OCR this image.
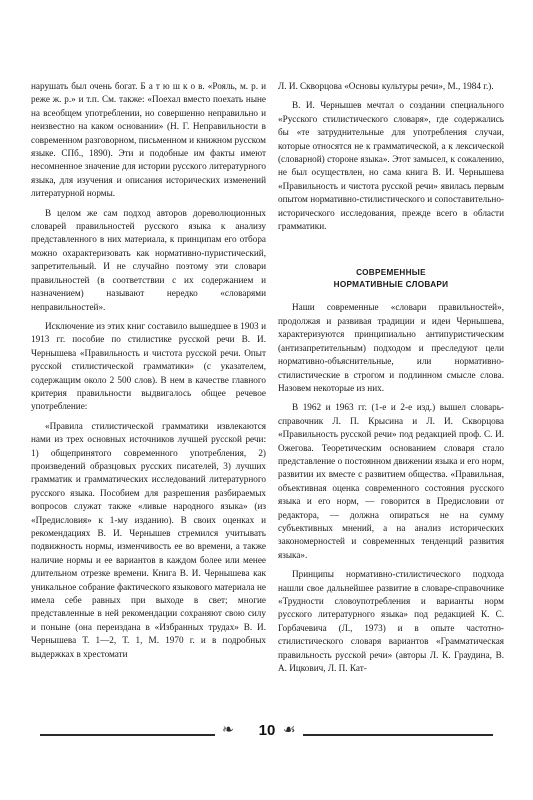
нарушать был очень богат. Б а т ю ш к о в. «Рояль, м. р. и реже ж. р.» и т.п. См. также: «Поехал вместо поехать ныне на всеобщем употреблении, но совершенно неправильно и неизвестно на каком основании» (Н. Г. Неправильности в современном разговорном, письменном и книжном русском языке. СПб., 1890). Эти и подобные им факты имеют несомненное значение для истории русского литературного языка, для изучения и описания исторических изменений литературной нормы.

В целом же сам подход авторов дореволюционных словарей правильностей русского языка к анализу представленного в них материала, к принципам его отбора можно охарактеризовать как нормативно-пуристический, запретительный. И не случайно поэтому эти словари правильностей (в соответствии с их содержанием и назначением) называют нередко «словарями неправильностей».

Исключение из этих книг составило вышедшее в 1903 и 1913 гг. пособие по стилистике русской речи В. И. Чернышева «Правильность и чистота русской речи. Опыт русской стилистической грамматики» (с указателем, содержащим около 2 500 слов). В нем в качестве главного критерия правильности выдвигалось общее речевое употребление:

«Правила стилистической грамматики извлекаются нами из трех основных источников лучшей русской речи: 1) общепринятого современного употребления, 2) произведений образцовых русских писателей, 3) лучших грамматик и грамматических исследований литературного русского языка. Пособием для разрешения разбираемых вопросов служат также «ливые народного языка» (из «Предисловия» к 1-му изданию). В своих оценках и рекомендациях В. И. Чернышев стремился учитывать подвижность нормы, изменчивость ее во времени, а также наличие нормы и ее вариантов в каждом более или менее длительном отрезке времени. Книга В. И. Чернышева как уникальное собрание фактического языкового материала не имела себе равных при выходе в свет; многие представленные в ней рекомендации сохраняют свою силу и поныне (она переиздана в «Избранных трудах» В. И. Чернышева Т. 1—2, Т. 1, М. 1970 г. и в подробных выдержках в хрестомати

Л. И. Скворцова «Основы культуры речи», М., 1984 г.).

В. И. Чернышев мечтал о создании специального «Русского стилистического словаря», где содержались бы «те затруднительные для употребления случаи, которые относятся не к грамматической, а к лексической (словарной) стороне языка». Этот замысел, к сожалению, не был осуществлен, но сама книга В. И. Чернышева «Правильность и чистота русской речи» явилась первым опытом нормативно-стилистического и сопоставительно-исторического исследования, прежде всего в области грамматики.

СОВРЕМЕННЫЕ
НОРМАТИВНЫЕ СЛОВАРИ

Наши современные «словари правильностей», продолжая и развивая традиции и идеи Чернышева, характеризуются принципиально антипуристическим (антизапретительным) подходом и преследуют цели нормативно-объяснительные, или нормативно-стилистические в строгом и подлинном смысле слова. Назовем некоторые из них.

В 1962 и 1963 гг. (1-е и 2-е изд.) вышел словарь-справочник Л. П. Крысина и Л. И. Скворцова «Правильность русской речи» под редакцией проф. С. И. Ожегова. Теоретическим основанием словаря стало представление о постоянном движении языка и его норм, развитии их вместе с развитием общества. «Правильная, объективная оценка современного состояния русского языка и его норм, — говорится в Предисловии от редактора, — должна опираться не на сумму субъективных мнений, а на анализ исторических закономерностей и современных тенденций развития языка».

Принципы нормативно-стилистического подхода нашли свое дальнейшее развитие в словаре-справочнике «Трудности словоупотребления и варианты норм русского литературного языка» под редакцией К. С. Горбачевича (Л., 1973) и в опыте частотно-стилистического словаря вариантов «Грамматическая правильность русской речи» (авторы Л. К. Граудина, В. А. Ицкович, Л. П. Кат-

❧	10 ☙
